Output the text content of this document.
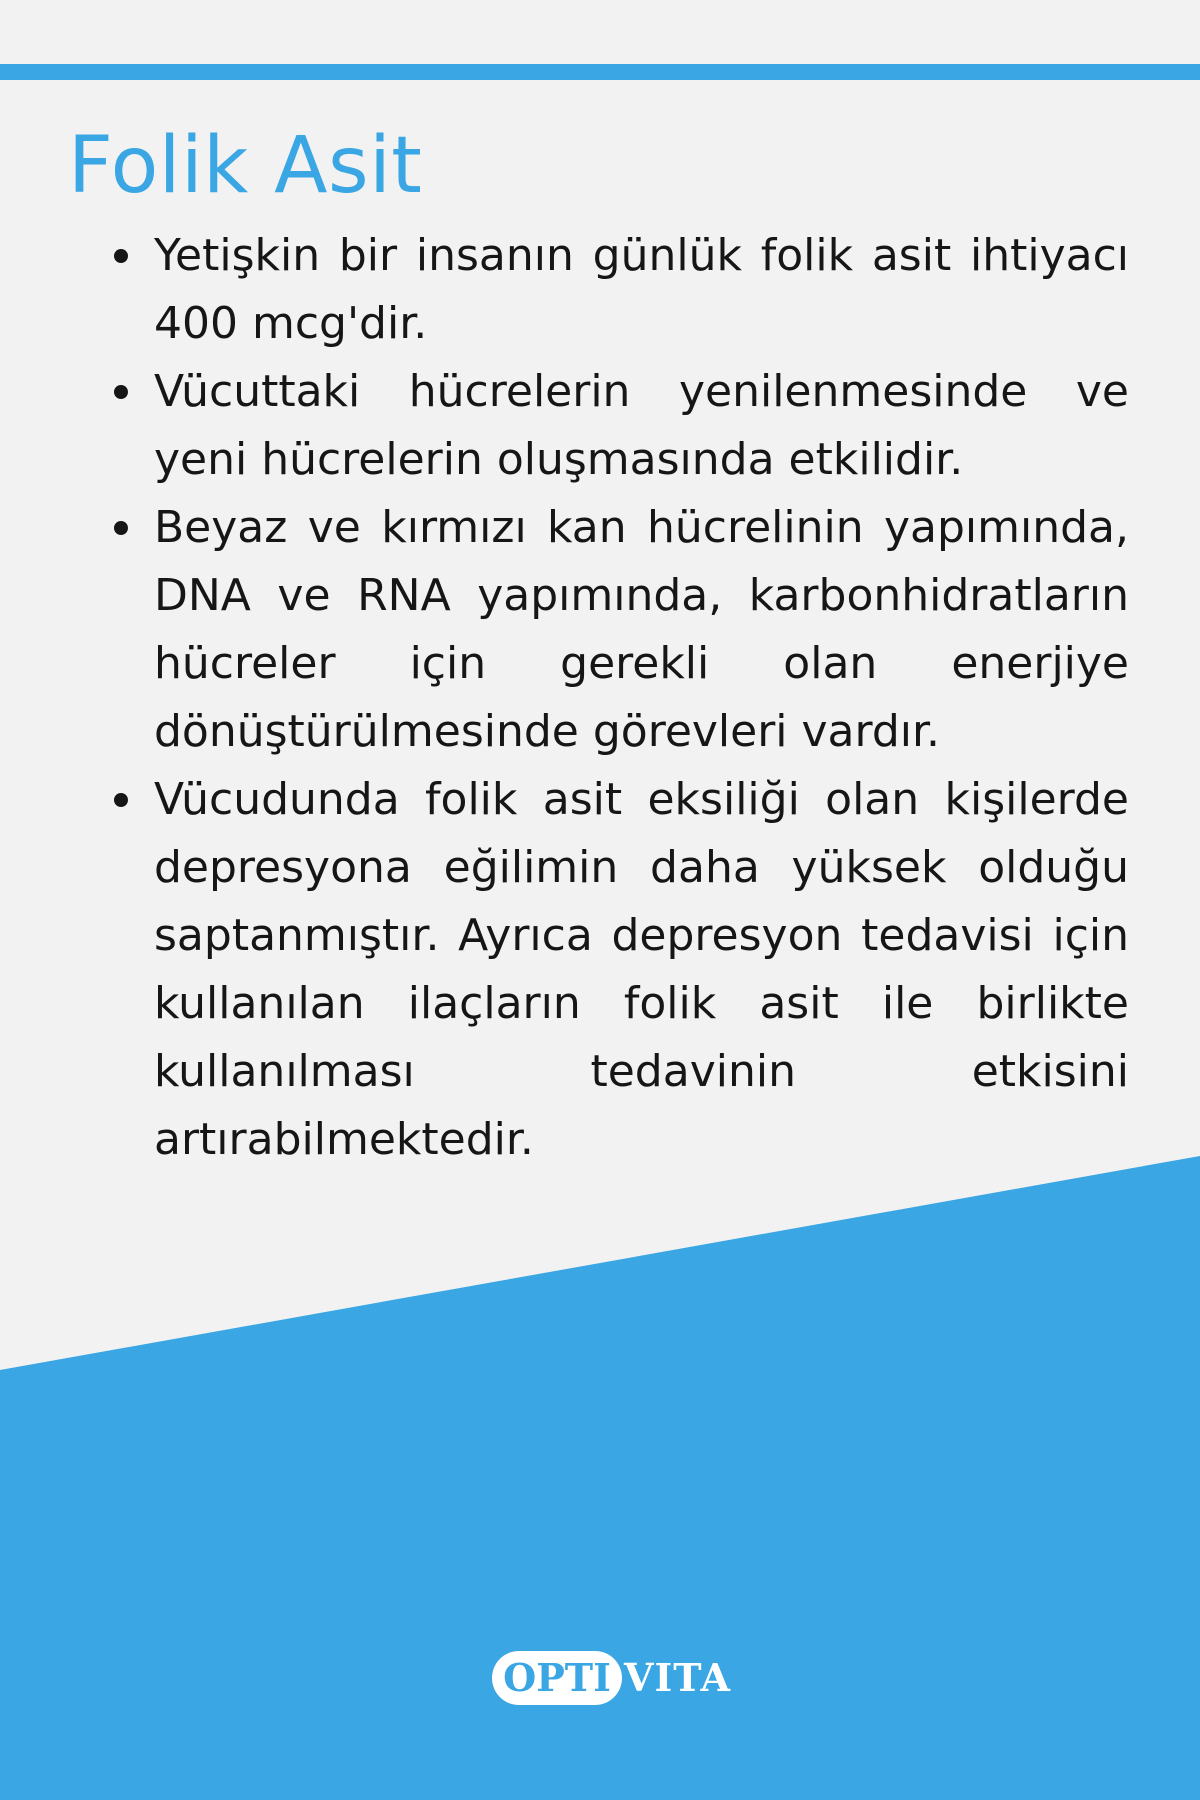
Folik Asit
Yetişkin bir insanın günlük folik asit ihtiyacı 400 mcg'dir.
Vücuttaki hücrelerin yenilenmesinde ve yeni hücrelerin oluşmasında etkilidir.
Beyaz ve kırmızı kan hücrelinin yapımında, DNA ve RNA yapımında, karbonhidratların hücreler için gerekli olan enerjiye dönüştürülmesinde görevleri vardır.
Vücudunda folik asit eksiliği olan kişilerde depresyona eğilimin daha yüksek olduğu saptanmıştır. Ayrıca depresyon tedavisi için kullanılan ilaçların folik asit ile birlikte kullanılması tedavinin etkisini artırabilmektedir.
OPTI VITA
